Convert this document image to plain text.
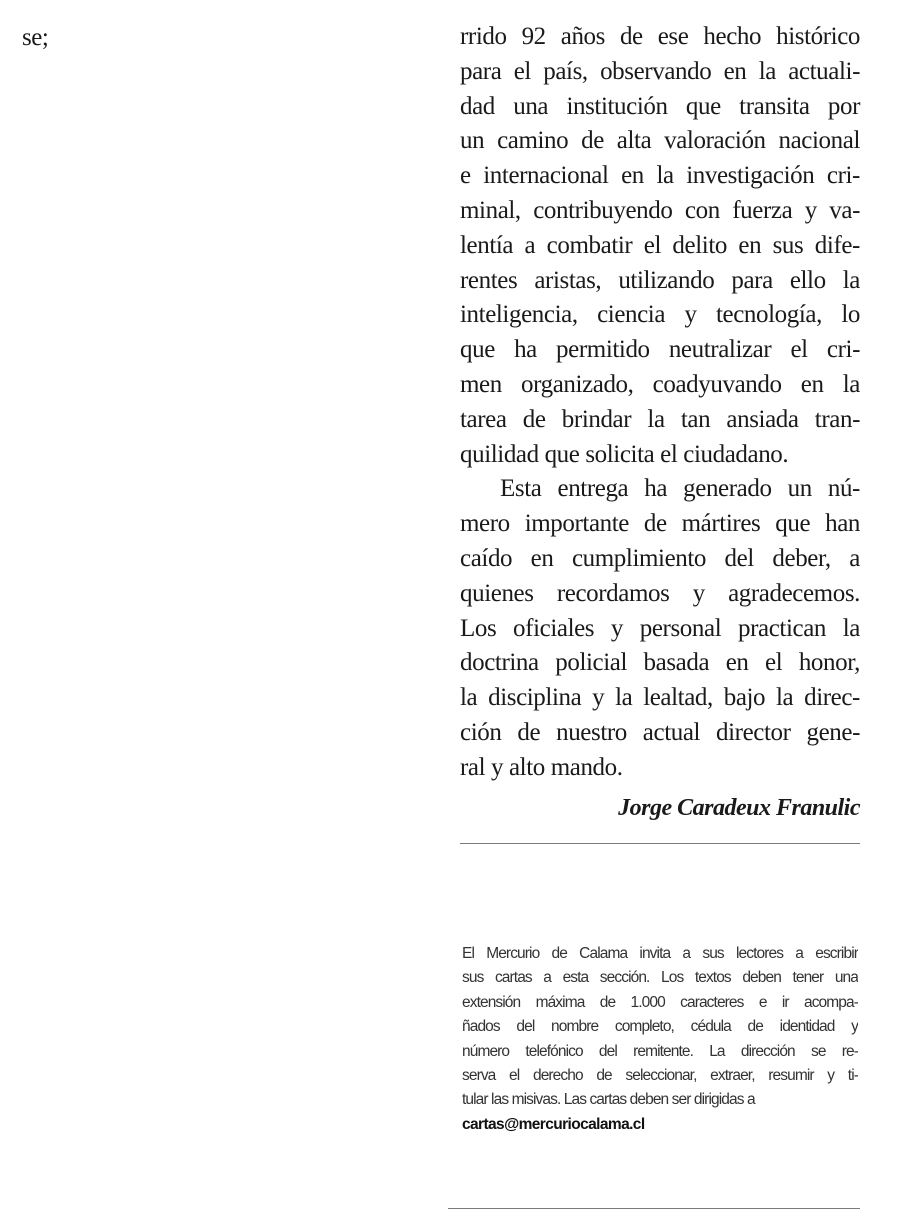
se;	rrido 92 años de ese hecho histórico
para el país, observando en la actuali-
dad una institución que transita por
un camino de alta valoración nacional
e internacional en la investigación cri-
minal, contribuyendo con fuerza y va-
lentía a combatir el delito en sus dife-
rentes aristas, utilizando para ello la
inteligencia, ciencia y tecnología, lo
que ha permitido neutralizar el cri-
men organizado, coadyuvando en la
tarea de brindar la tan ansiada tran-
quilidad que solicita el ciudadano.
Esta entrega ha generado un nú-
mero importante de mártires que han
caído en cumplimiento del deber, a
quienes recordamos y agradecemos.
Los oficiales y personal practican la
doctrina policial basada en el honor,
la disciplina y la lealtad, bajo la direc-
ción de nuestro actual director gene-
ral y alto mando.
Jorge Caradeux Franulic
El Mercurio de Calama invita a sus lectores a escribir
sus cartas a esta sección. Los textos deben tener una
extensión máxima de 1.000 caracteres e ir acompa-
ñados del nombre completo, cédula de identidad y
número telefónico del remitente. La dirección se re-
serva el derecho de seleccionar, extraer, resumir y ti-
tular las misivas. Las cartas deben ser dirigidas a
cartas@mercuriocalama.cl
